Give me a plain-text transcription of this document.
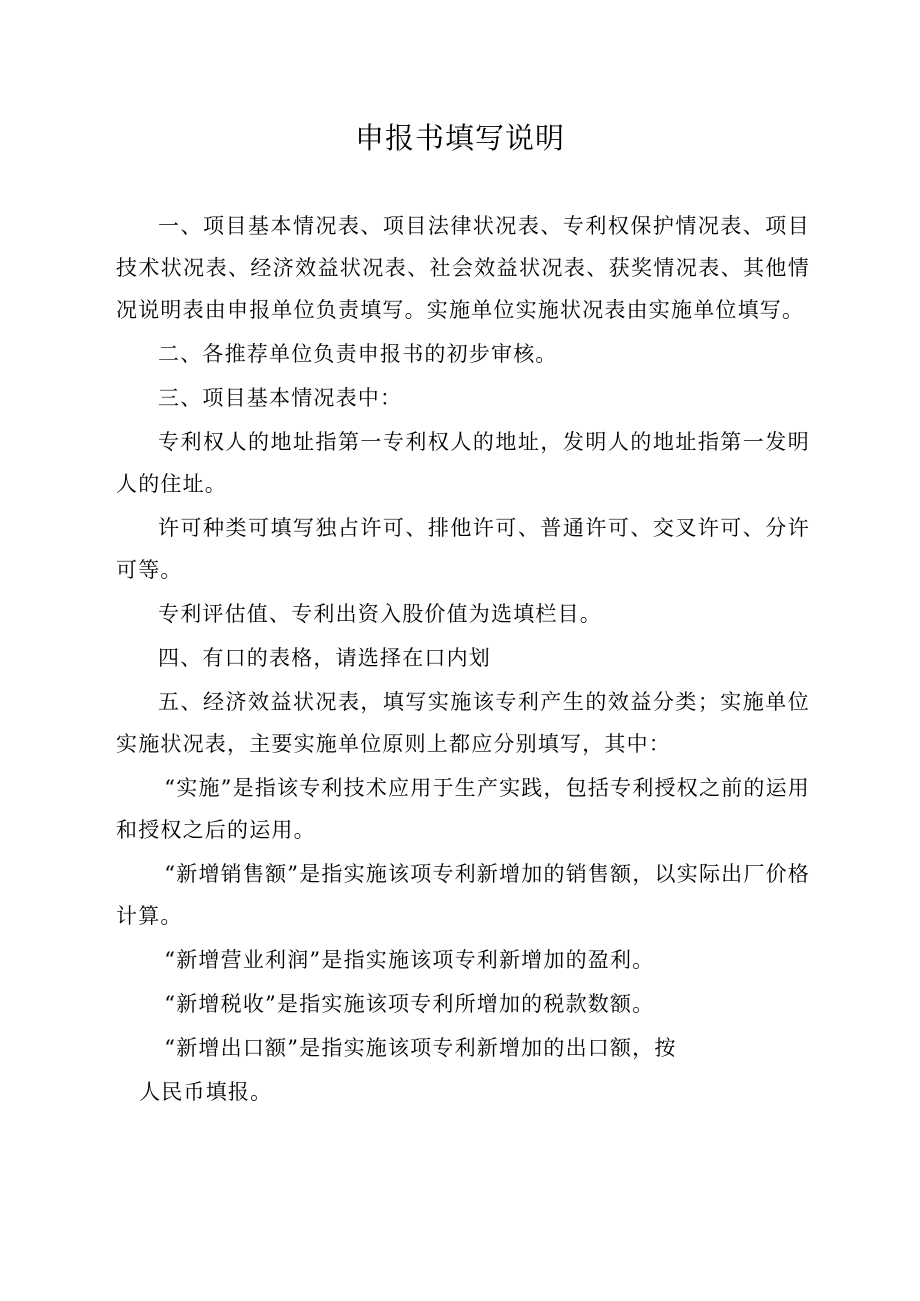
申报书填写说明

一、项目基本情况表、项目法律状况表、专利权保护情况表、项目技术状况表、经济效益状况表、社会效益状况表、获奖情况表、其他情况说明表由申报单位负责填写。实施单位实施状况表由实施单位填写。

二、各推荐单位负责申报书的初步审核。

三、项目基本情况表中：

专利权人的地址指第一专利权人的地址，发明人的地址指第一发明人的住址。

许可种类可填写独占许可、排他许可、普通许可、交叉许可、分许可等。

专利评估值、专利出资入股价值为选填栏目。

四、有口的表格，请选择在口内划

五、经济效益状况表，填写实施该专利产生的效益分类；实施单位实施状况表，主要实施单位原则上都应分别填写，其中：

“实施”是指该专利技术应用于生产实践，包括专利授权之前的运用和授权之后的运用。

“新增销售额”是指实施该项专利新增加的销售额，以实际出厂价格计算。

“新增营业利润”是指实施该项专利新增加的盈利。

“新增税收”是指实施该项专利所增加的税款数额。

“新增出口额”是指实施该项专利新增加的出口额，按

人民币填报。
